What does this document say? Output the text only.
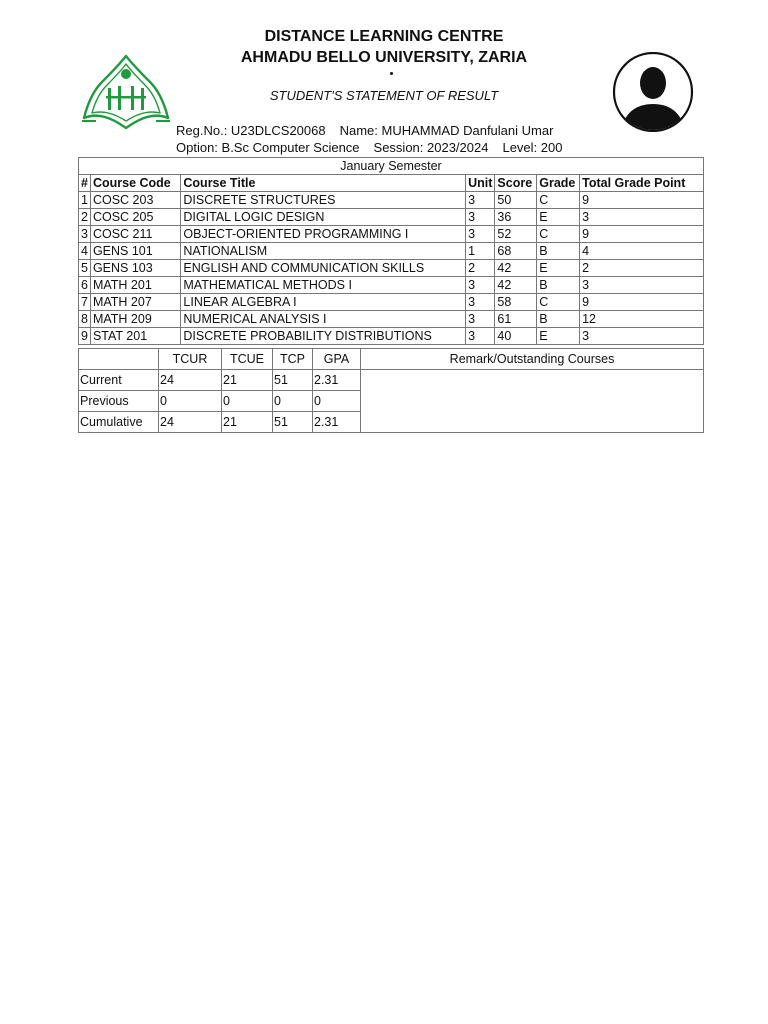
DISTANCE LEARNING CENTRE
AHMADU BELLO UNIVERSITY, ZARIA
STUDENT'S STATEMENT OF RESULT
Reg.No.: U23DLCS20068 Name: MUHAMMAD Danfulani Umar
Option: B.Sc Computer Science Session: 2023/2024 Level: 200
January Semester						
#	Course Code	Course Title	Unit	Score	Grade	Total Grade Point
1	COSC 203	DISCRETE STRUCTURES	3	50	C	9
2	COSC 205	DIGITAL LOGIC DESIGN	3	36	E	3
3	COSC 211	OBJECT-ORIENTED PROGRAMMING I	3	52	C	9
4	GENS 101	NATIONALISM	1	68	B	4
5	GENS 103	ENGLISH AND COMMUNICATION SKILLS	2	42	E	2
6	MATH 201	MATHEMATICAL METHODS I	3	42	B	3
7	MATH 207	LINEAR ALGEBRA I	3	58	C	9
8	MATH 209	NUMERICAL ANALYSIS I	3	61	B	12
9	STAT 201	DISCRETE PROBABILITY DISTRIBUTIONS	3	40	E	3
	TCUR	TCUE	TCP	GPA	Remark/Outstanding Courses
Current	24	21	51	2.31	
Previous	0	0	0	0	
Cumulative	24	21	51	2.31	
